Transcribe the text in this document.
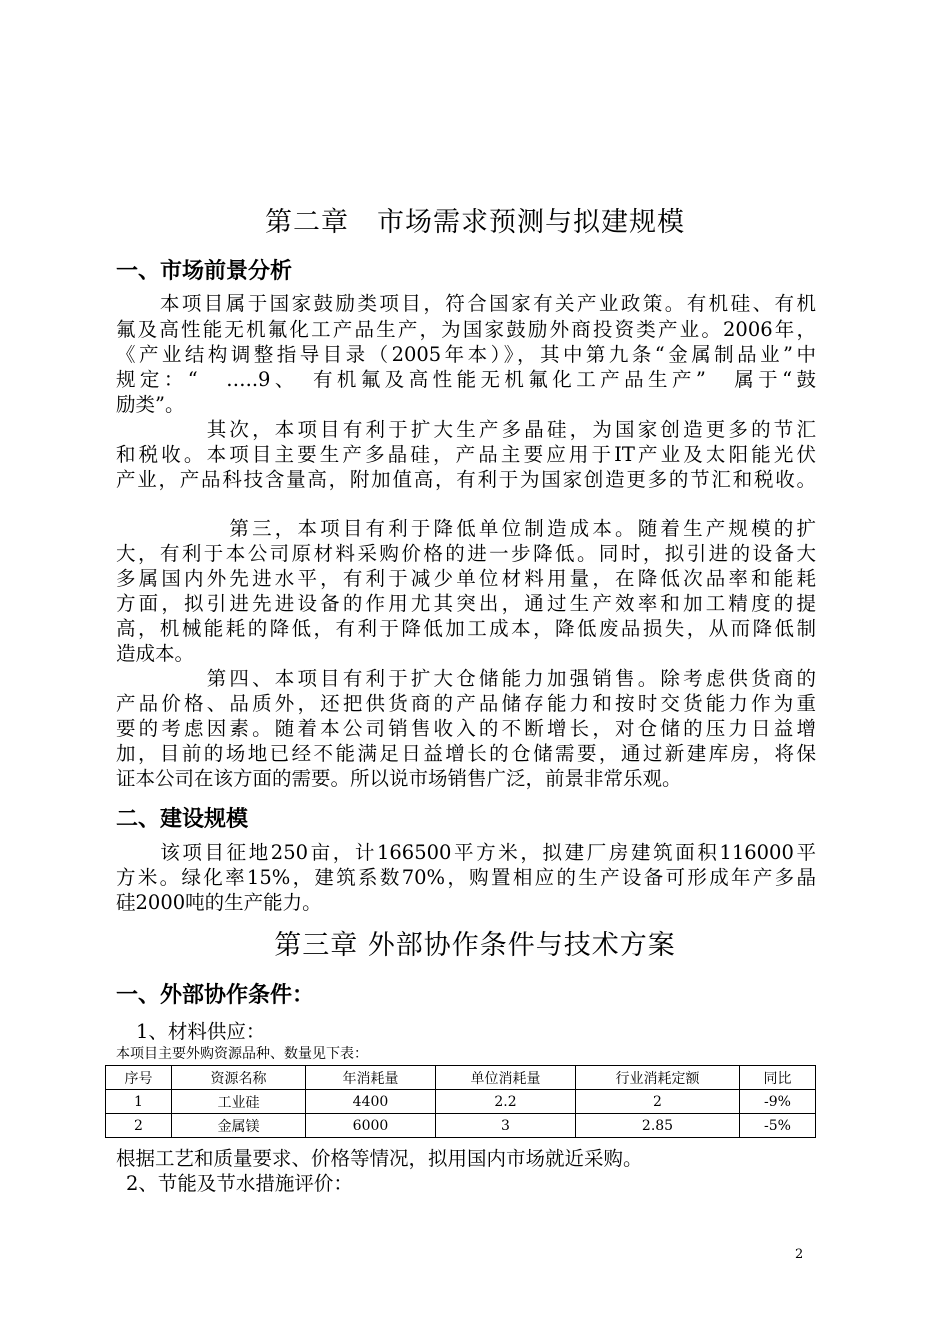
第二章　市场需求预测与拟建规模
一、市场前景分析
　　本项目属于国家鼓励类项目，符合国家有关产业政策。有机硅、有机
氟及高性能无机氟化工产品生产，为国家鼓励外商投资类产业。2006年，
《产业结构调整指导目录（2005年本）》，其中第九条“金属制品业”中
规定：“　…..9、　有机氟及高性能无机氟化工产品生产”　属于“鼓
励类”。
　　　　其次，本项目有利于扩大生产多晶硅，为国家创造更多的节汇
和税收。本项目主要生产多晶硅，产品主要应用于IT产业及太阳能光伏
产业，产品科技含量高，附加值高，有利于为国家创造更多的节汇和税收。
　　　　　第三，本项目有利于降低单位制造成本。随着生产规模的扩
大，有利于本公司原材料采购价格的进一步降低。同时，拟引进的设备大
多属国内外先进水平，有利于减少单位材料用量，在降低次品率和能耗
方面，拟引进先进设备的作用尤其突出，通过生产效率和加工精度的提
高，机械能耗的降低，有利于降低加工成本，降低废品损失，从而降低制
造成本。
　　　　第四、本项目有利于扩大仓储能力加强销售。除考虑供货商的
产品价格、品质外，还把供货商的产品储存能力和按时交货能力作为重
要的考虑因素。随着本公司销售收入的不断增长，对仓储的压力日益增
加，目前的场地已经不能满足日益增长的仓储需要，通过新建库房，将保
证本公司在该方面的需要。所以说市场销售广泛，前景非常乐观。
二、建设规模
　　该项目征地250亩，计166500平方米，拟建厂房建筑面积116000平
方米。绿化率15%，建筑系数70%，购置相应的生产设备可形成年产多晶
硅2000吨的生产能力。
第三章 外部协作条件与技术方案
一、外部协作条件：
1、材料供应：
本项目主要外购资源品种、数量见下表：
序号	资源名称	年消耗量	单位消耗量	行业消耗定额	同比
1	工业硅	4400	2.2	2	-9%
2	金属镁	6000	3	2.85	-5%
根据工艺和质量要求、价格等情况，拟用国内市场就近采购。
2、节能及节水措施评价：
2
